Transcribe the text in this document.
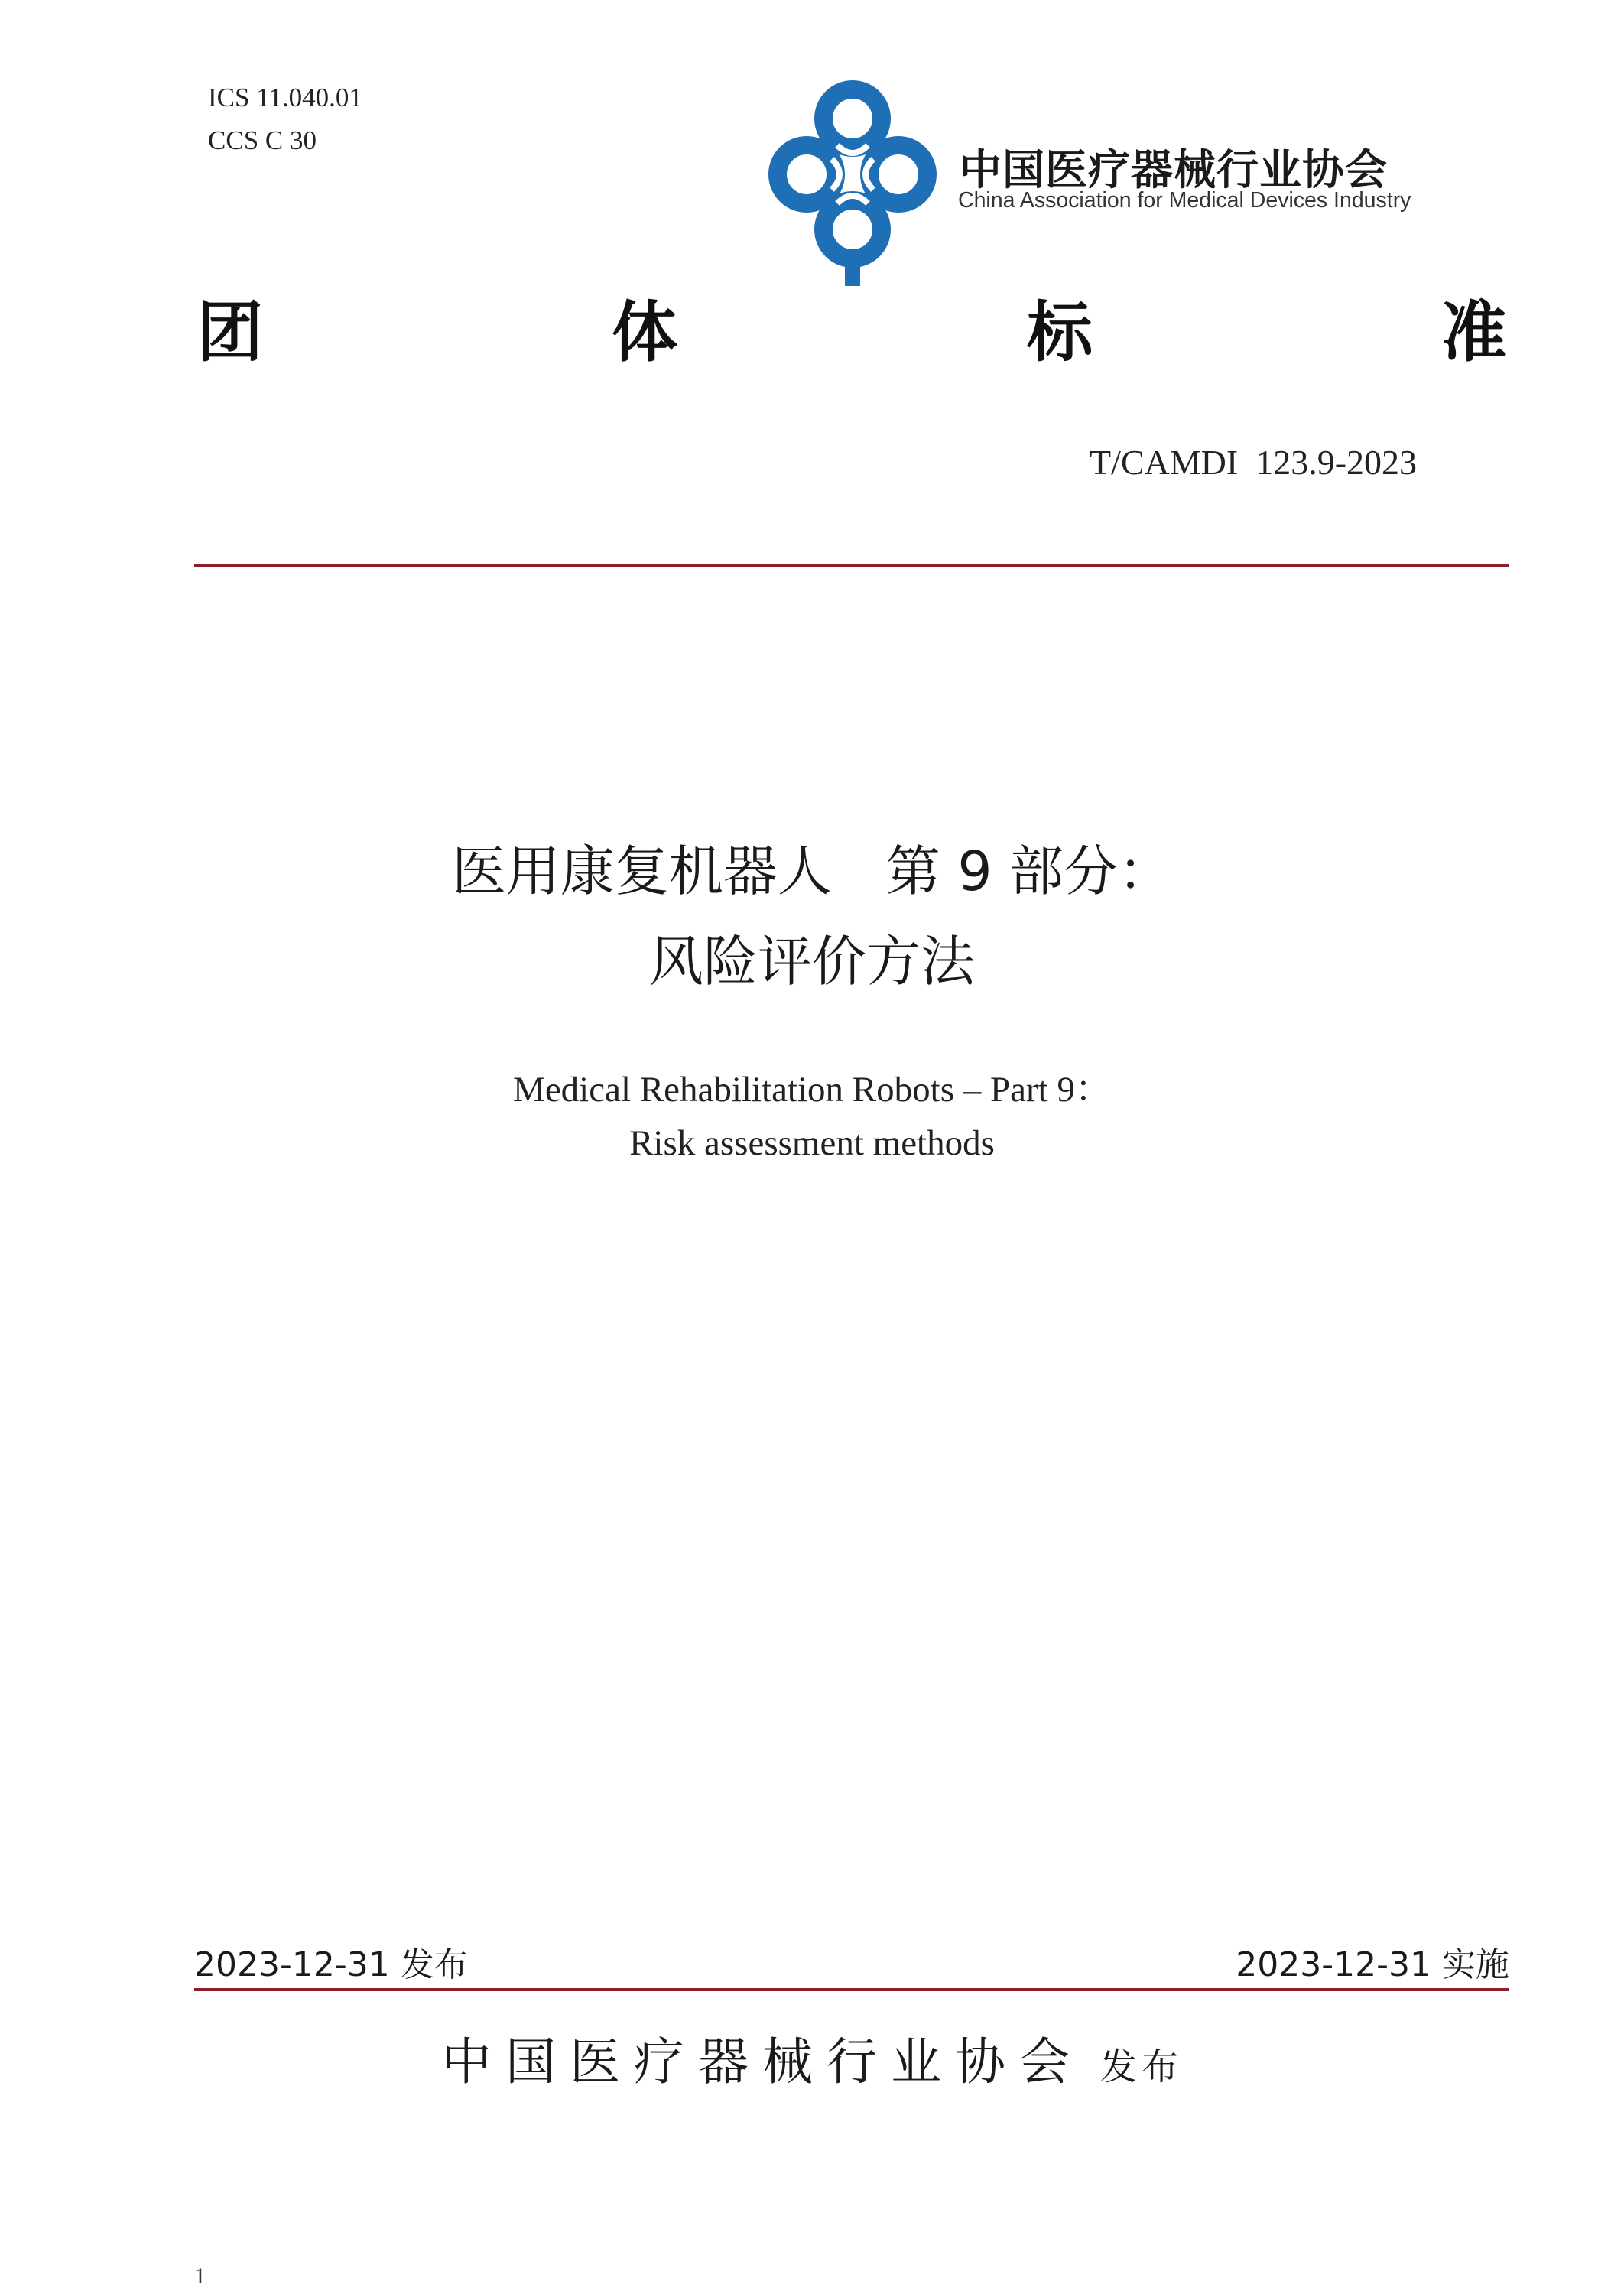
ICS 11.040.01
CCS C 30
中国医疗器械行业协会
China Association for Medical Devices Industry
团	体	标	准
T/CAMDI  123.9-2023
医用康复机器人　第 9 部分：
风险评价方法
Medical Rehabilitation Robots – Part 9：
Risk assessment methods
2023-12-31 发布	2023-12-31 实施
中国医疗器械行业协会 发布
1
